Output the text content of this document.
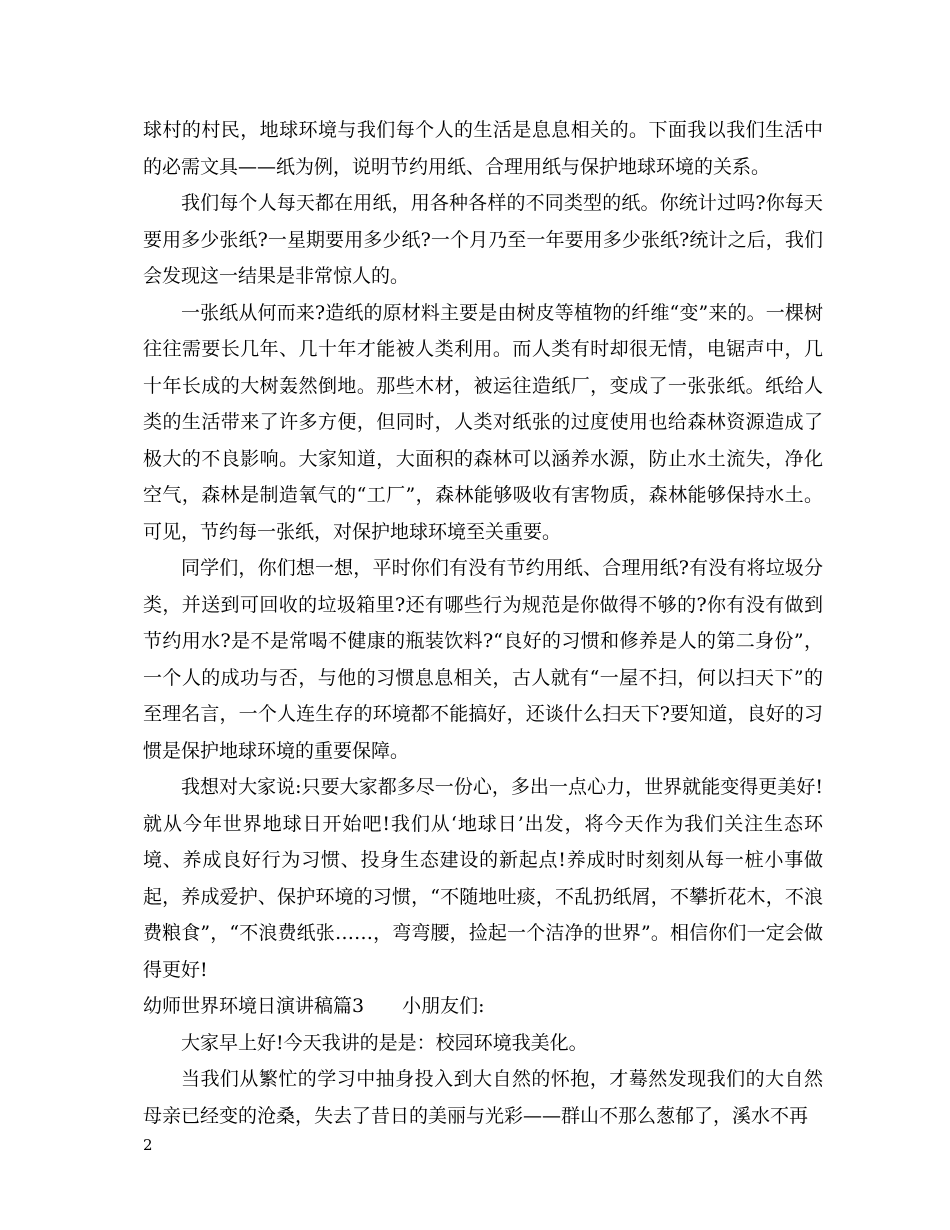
球村的村民，地球环境与我们每个人的生活是息息相关的。下面我以我们生活中的必需文具——纸为例，说明节约用纸、合理用纸与保护地球环境的关系。

我们每个人每天都在用纸，用各种各样的不同类型的纸。你统计过吗?你每天要用多少张纸?一星期要用多少纸?一个月乃至一年要用多少张纸?统计之后，我们会发现这一结果是非常惊人的。

一张纸从何而来?造纸的原材料主要是由树皮等植物的纤维“变”来的。一棵树往往需要长几年、几十年才能被人类利用。而人类有时却很无情，电锯声中，几十年长成的大树轰然倒地。那些木材，被运往造纸厂，变成了一张张纸。纸给人类的生活带来了许多方便，但同时，人类对纸张的过度使用也给森林资源造成了极大的不良影响。大家知道，大面积的森林可以涵养水源，防止水土流失，净化空气，森林是制造氧气的“工厂”，森林能够吸收有害物质，森林能够保持水土。可见，节约每一张纸，对保护地球环境至关重要。

同学们，你们想一想，平时你们有没有节约用纸、合理用纸?有没有将垃圾分类，并送到可回收的垃圾箱里?还有哪些行为规范是你做得不够的?你有没有做到节约用水?是不是常喝不健康的瓶装饮料?“良好的习惯和修养是人的第二身份”，一个人的成功与否，与他的习惯息息相关，古人就有“一屋不扫，何以扫天下”的至理名言，一个人连生存的环境都不能搞好，还谈什么扫天下?要知道，良好的习惯是保护地球环境的重要保障。

我想对大家说:只要大家都多尽一份心，多出一点心力，世界就能变得更美好!就从今年世界地球日开始吧!我们从‘地球日’出发，将今天作为我们关注生态环境、养成良好行为习惯、投身生态建设的新起点!养成时时刻刻从每一桩小事做起，养成爱护、保护环境的习惯，“不随地吐痰，不乱扔纸屑，不攀折花木，不浪费粮食”，“不浪费纸张……，弯弯腰，捡起一个洁净的世界”。相信你们一定会做得更好!

幼师世界环境日演讲稿篇3 小朋友们:

大家早上好!今天我讲的是是：校园环境我美化。

当我们从繁忙的学习中抽身投入到大自然的怀抱，才蓦然发现我们的大自然母亲已经变的沧桑，失去了昔日的美丽与光彩——群山不那么葱郁了，溪水不再

2
